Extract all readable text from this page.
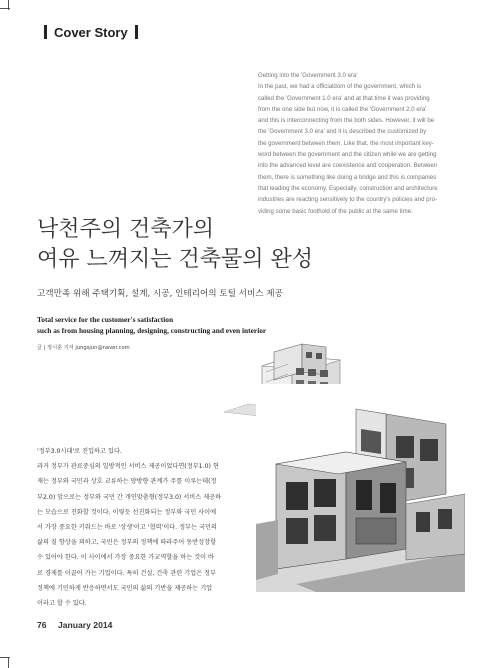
Cover Story
Getting into the 'Government 3.0 era'
In the past, we had a officialdom of the government, which is
called the 'Government 1.0 era' and at that time it was providing
from the one side but now, it is called the 'Government 2.0 era'
and this is interconnecting from the both sides. However, it will be
the 'Government 3.0 era' and it is described the customized by
the government between them. Like that, the most important key-
word between the government and the citizen while we are getting
into the advanced level are coexistence and cooperation. Between
them, there is something like doing a bridge and this is companies
that leading the economy. Especially, construction and architecture
industries are reacting sensitively to the country's policies and pro-
viding some basic foothold of the public at the same time.
낙천주의 건축가의
여유 느껴지는 건축물의 완성

고객만족 위해 주택기획, 설계, 시공, 인테리어의 토털 서비스 제공

Total service for the customer's satisfaction
such as from housing planning, designing, constructing and even interior
글 | 정시훈 기자 jungsjun@naver.com
'정부3.0시대'로 진입하고 있다.
과거 정부가 관료중심의 일방적인 서비스 제공이었다면(정부1.0) 현
재는 정부와 국민과 상호 교류하는 양방향 관계가 주를 이루는데(정
부2.0) 앞으로는 정부와 국민 간 개인맞춤형(정부3.0) 서비스 제공하
는 모습으로 진화할 것이다. 이렇듯 선진화되는 정부와 국민 사이에
서 가장 중요한 키워드는 바로 '상생'이고 '협력'이다. 정부는 국민의
삶의 질 향상을 꾀하고, 국민은 정부의 정책에 따라주어 동반성장할
수 있어야 한다. 이 사이에서 가장 중요한 가교역할을 하는 것이 바
로 경제를 이끌어 가는 기업이다. 특히 건설, 건축 관련 기업은 정부
정책에 기민하게 반응하면서도 국민의 삶의 기반을 제공하는 기업
이라고 할 수 있다.
76 January 2014
